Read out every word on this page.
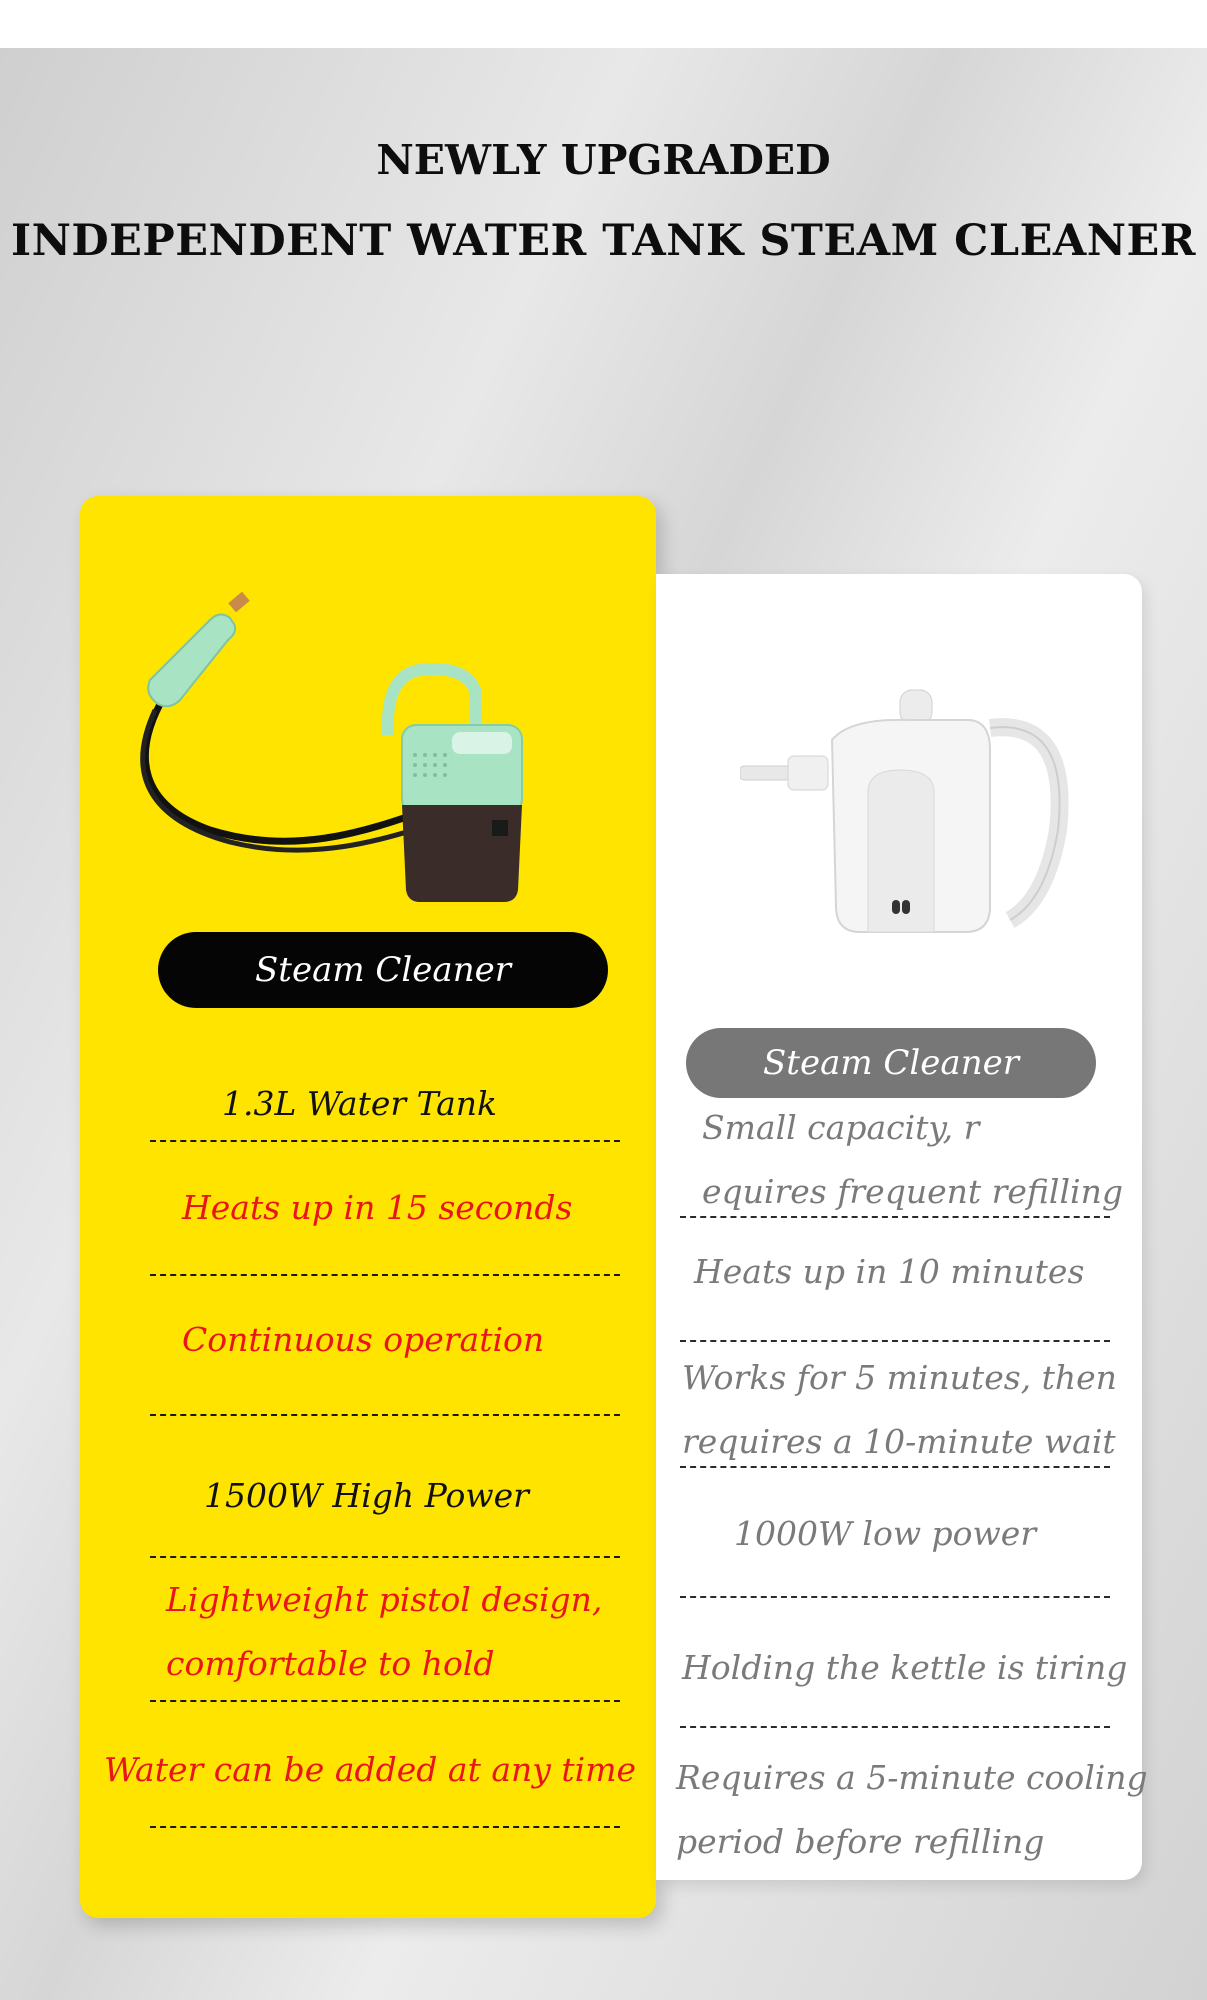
NEWLY UPGRADED
INDEPENDENT WATER TANK STEAM CLEANER
Steam Cleaner
1.3L Water Tank
Heats up in 15 seconds
Continuous operation
1500W High Power
Lightweight pistol design,
comfortable to hold
Water can be added at any time
Steam Cleaner
Small capacity, r
equires frequent refilling
Heats up in 10 minutes
Works for 5 minutes, then
requires a 10-minute wait
1000W low power
Holding the kettle is tiring
Requires a 5-minute cooling
period before refilling
